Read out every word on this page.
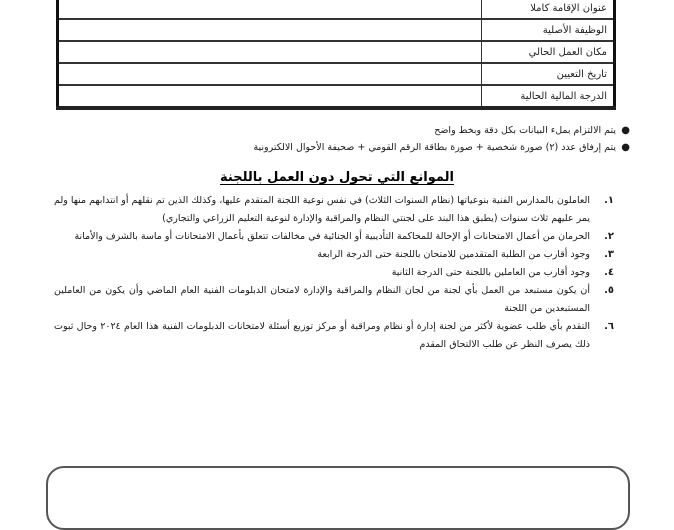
عنوان الإقامة كاملا	
الوظيفة الأصلية	
مكان العمل الحالي	
تاريخ التعيين	
الدرجة المالية الحالية	
●
يتم الالتزام بملء البيانات بكل دقة وبخط واضح
●
يتم إرفاق عدد (٢) صورة شخصية + صورة بطاقة الرقم القومي + صحيفة الأحوال الالكترونية
الموانع التي تحول دون العمل باللجنة
١.
العاملون بالمدارس الفنية بنوعياتها (نظام السنوات الثلاث) في نفس نوعية اللجنة المتقدم عليها، وكذلك الذين تم نقلهم أو انتدابهم منها ولم يمر عليهم ثلاث سنوات (يطبق هذا البند على لجنتي النظام والمراقبة والإدارة لنوعية التعليم الزراعي والتجاري)
٢.
الحرمان من أعمال الامتحانات أو الإحالة للمحاكمة التأديبية أو الجنائية في مخالفات تتعلق بأعمال الامتحانات أو ماسة بالشرف والأمانة
٣.
وجود أقارب من الطلبة المتقدمين للامتحان باللجنة حتى الدرجة الرابعة
٤.
وجود أقارب من العاملين باللجنة حتى الدرجة الثانية
٥.
أن يكون مستبعد من العمل بأي لجنة من لجان النظام والمراقبة والإدارة لامتحان الدبلومات الفنية العام الماضي وأن يكون من العاملين المستبعدين من اللجنة
٦.
التقدم بأي طلب عضوية لأكثر من لجنة إدارة أو نظام ومراقبة أو مركز توزيع أسئلة لامتحانات الدبلومات الفنية هذا العام ٢٠٢٤ وحال ثبوت ذلك يصرف النظر عن طلب الالتحاق المقدم
